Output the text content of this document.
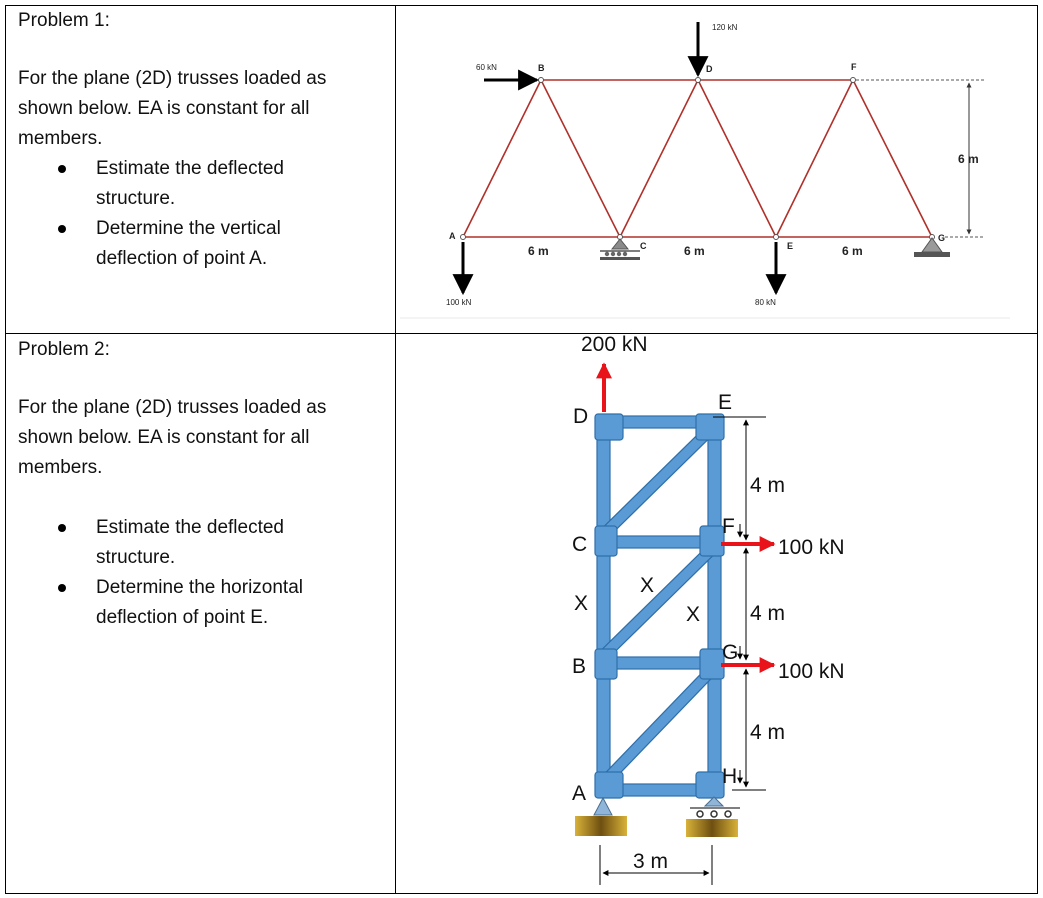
Problem 1:
For the plane (2D) trusses loaded as shown below. EA is constant for all members.
Estimate the deflected structure.
Determine the vertical deflection of point A.
Problem 2:
For the plane (2D) trusses loaded as shown below. EA is constant for all members.
Estimate the deflected structure.
Determine the horizontal deflection of point E.
A
B
C
D
E
F
G
120 kN
60 kN
100 kN	80 kN
6 m	6 m	6 m
6 m
200 kN
100 kN
100 kN
4 m
4 m
4 m
3 m
D
E
C
F
B
G
A
H
X
X
X
